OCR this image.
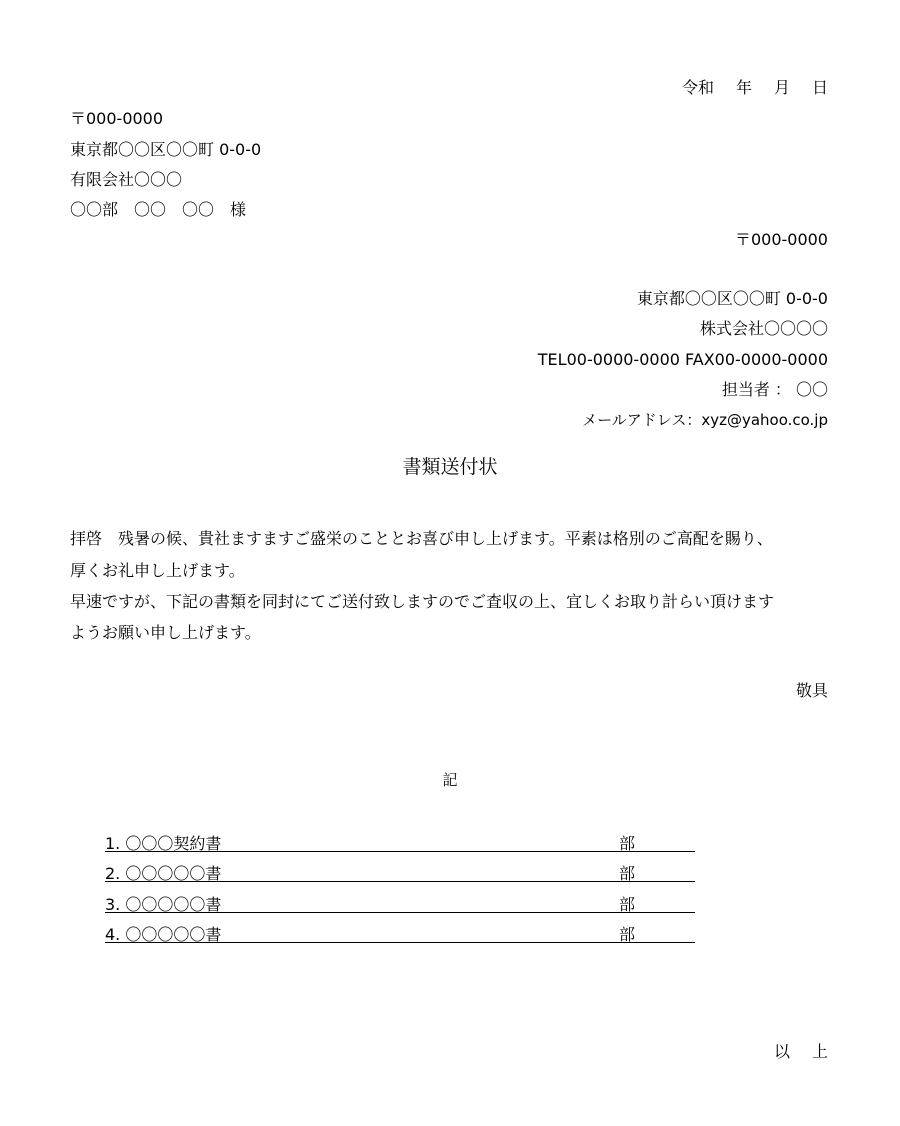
令和 年 月 日
〒000-0000
東京都〇〇区〇〇町 0-0-0
有限会社〇〇〇
〇〇部　〇〇　〇〇　様
〒000-0000
東京都〇〇区〇〇町 0-0-0
株式会社〇〇〇〇
TEL00-0000-0000 FAX00-0000-0000
担当者 ： 〇〇
メールアドレス：xyz@yahoo.co.jp
書類送付状
拝啓　残暑の候、貴社ますますご盛栄のこととお喜び申し上げます。平素は格別のご高配を賜り、
厚くお礼申し上げます。
早速ですが、下記の書類を同封にてご送付致しますのでご査収の上、宜しくお取り計らい頂けます
ようお願い申し上げます。
敬具
記
1. 〇〇〇契約書	部
2. 〇〇〇〇〇書	部
3. 〇〇〇〇〇書	部
4. 〇〇〇〇〇書	部
以上
